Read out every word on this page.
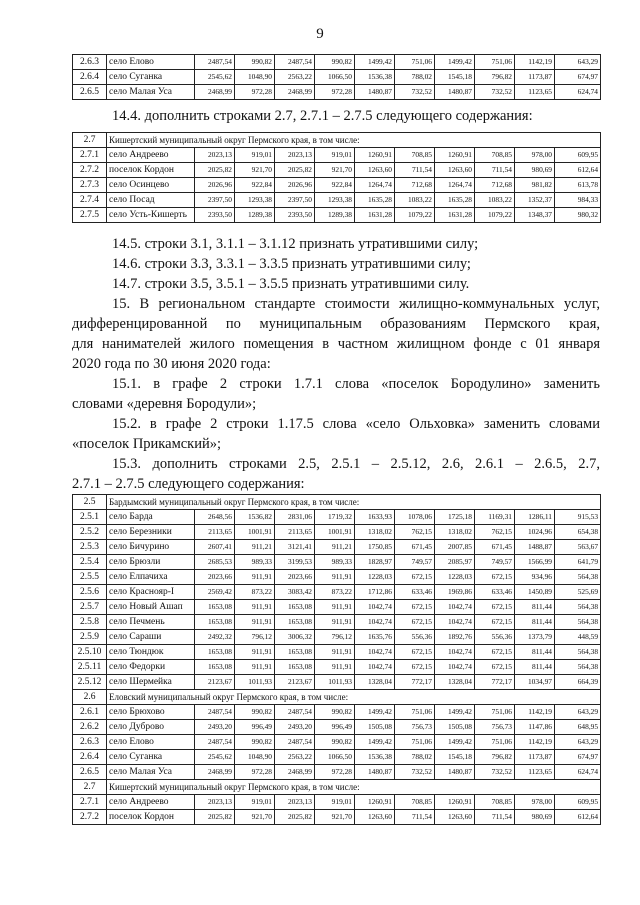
9
2.6.3	село Елово	2487,54	990,82	2487,54	990,82	1499,42	751,06	1499,42	751,06	1142,19	643,29
2.6.4	село Суганка	2545,62	1048,90	2563,22	1066,50	1536,38	788,02	1545,18	796,82	1173,87	674,97
2.6.5	село Малая Уса	2468,99	972,28	2468,99	972,28	1480,87	732,52	1480,87	732,52	1123,65	624,74
14.4. дополнить строками 2.7, 2.7.1 – 2.7.5 следующего содержания:
2.7	Кишертский муниципальный округ Пермского края, в том числе:										
2.7.1	село Андреево	2023,13	919,01	2023,13	919,01	1260,91	708,85	1260,91	708,85	978,00	609,95
2.7.2	поселок Кордон	2025,82	921,70	2025,82	921,70	1263,60	711,54	1263,60	711,54	980,69	612,64
2.7.3	село Осинцево	2026,96	922,84	2026,96	922,84	1264,74	712,68	1264,74	712,68	981,82	613,78
2.7.4	село Посад	2397,50	1293,38	2397,50	1293,38	1635,28	1083,22	1635,28	1083,22	1352,37	984,33
2.7.5	село Усть-Кишерть	2393,50	1289,38	2393,50	1289,38	1631,28	1079,22	1631,28	1079,22	1348,37	980,32
14.5. строки 3.1, 3.1.1 – 3.1.12 признать утратившими силу;
14.6. строки 3.3, 3.3.1 – 3.3.5 признать утратившими силу;
14.7. строки 3.5, 3.5.1 – 3.5.5 признать утратившими силу.
15. В региональном стандарте стоимости жилищно-коммунальных услуг,
дифференцированной по муниципальным образованиям Пермского края,
для нанимателей жилого помещения в частном жилищном фонде с 01 января
2020 года по 30 июня 2020 года:
15.1. в графе 2 строки 1.7.1 слова «поселок Бородулино» заменить
словами «деревня Бородули»;
15.2. в графе 2 строки 1.17.5 слова «село Ольховка» заменить словами
«поселок Прикамский»;
15.3. дополнить строками 2.5, 2.5.1 – 2.5.12, 2.6, 2.6.1 – 2.6.5, 2.7,
2.7.1 – 2.7.5 следующего содержания:
2.5	Бардымский муниципальный округ Пермского края, в том числе:										
2.5.1	село Барда	2648,56	1536,82	2831,06	1719,32	1633,93	1078,06	1725,18	1169,31	1286,11	915,53
2.5.2	село Березники	2113,65	1001,91	2113,65	1001,91	1318,02	762,15	1318,02	762,15	1024,96	654,38
2.5.3	село Бичурино	2607,41	911,21	3121,41	911,21	1750,85	671,45	2007,85	671,45	1488,87	563,67
2.5.4	село Брюзли	2685,53	989,33	3199,53	989,33	1828,97	749,57	2085,97	749,57	1566,99	641,79
2.5.5	село Елпачиха	2023,66	911,91	2023,66	911,91	1228,03	672,15	1228,03	672,15	934,96	564,38
2.5.6	село Краснояр-I	2569,42	873,22	3083,42	873,22	1712,86	633,46	1969,86	633,46	1450,89	525,69
2.5.7	село Новый Ашап	1653,08	911,91	1653,08	911,91	1042,74	672,15	1042,74	672,15	811,44	564,38
2.5.8	село Печмень	1653,08	911,91	1653,08	911,91	1042,74	672,15	1042,74	672,15	811,44	564,38
2.5.9	село Сараши	2492,32	796,12	3006,32	796,12	1635,76	556,36	1892,76	556,36	1373,79	448,59
2.5.10	село Тюндюк	1653,08	911,91	1653,08	911,91	1042,74	672,15	1042,74	672,15	811,44	564,38
2.5.11	село Федорки	1653,08	911,91	1653,08	911,91	1042,74	672,15	1042,74	672,15	811,44	564,38
2.5.12	село Шермейка	2123,67	1011,93	2123,67	1011,93	1328,04	772,17	1328,04	772,17	1034,97	664,39
2.6	Еловский муниципальный округ Пермского края, в том числе:										
2.6.1	село Брюхово	2487,54	990,82	2487,54	990,82	1499,42	751,06	1499,42	751,06	1142,19	643,29
2.6.2	село Дуброво	2493,20	996,49	2493,20	996,49	1505,08	756,73	1505,08	756,73	1147,86	648,95
2.6.3	село Елово	2487,54	990,82	2487,54	990,82	1499,42	751,06	1499,42	751,06	1142,19	643,29
2.6.4	село Суганка	2545,62	1048,90	2563,22	1066,50	1536,38	788,02	1545,18	796,82	1173,87	674,97
2.6.5	село Малая Уса	2468,99	972,28	2468,99	972,28	1480,87	732,52	1480,87	732,52	1123,65	624,74
2.7	Кишертский муниципальный округ Пермского края, в том числе:										
2.7.1	село Андреево	2023,13	919,01	2023,13	919,01	1260,91	708,85	1260,91	708,85	978,00	609,95
2.7.2	поселок Кордон	2025,82	921,70	2025,82	921,70	1263,60	711,54	1263,60	711,54	980,69	612,64
